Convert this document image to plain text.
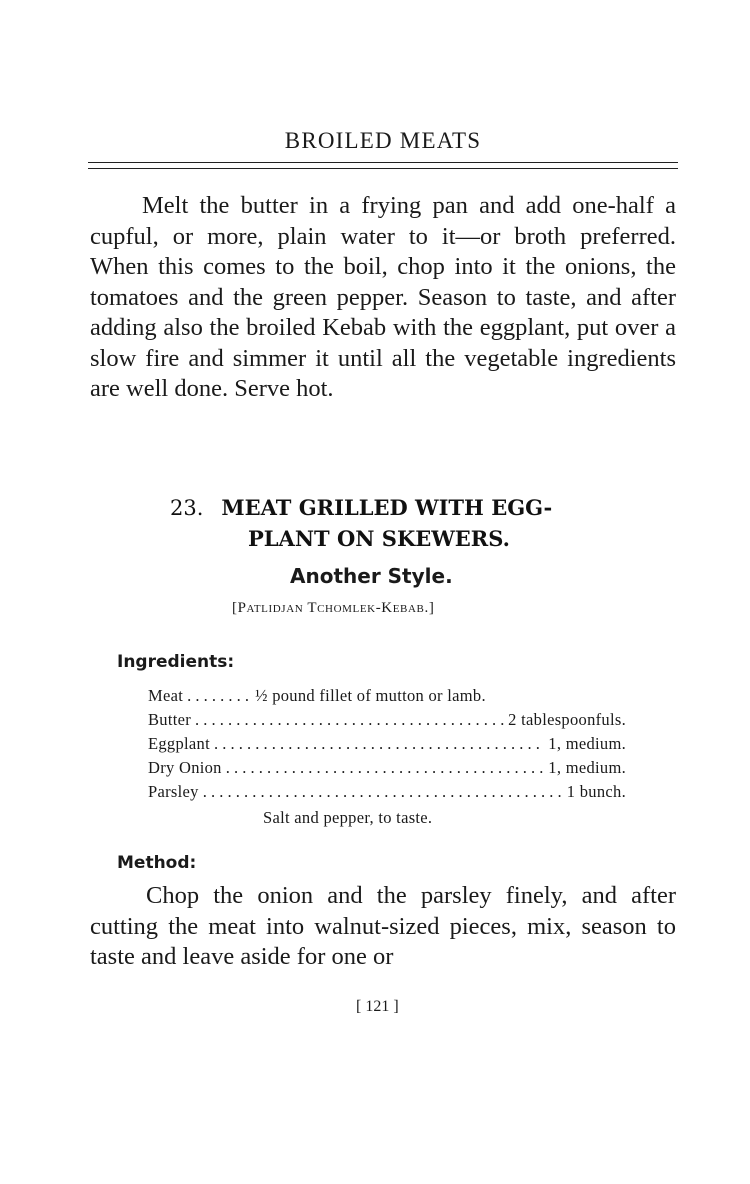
BROILED MEATS

Melt the butter in a frying pan and add one-half a cupful, or more, plain water to it—or broth preferred. When this comes to the boil, chop into it the onions, the tomatoes and the green pepper. Season to taste, and after adding also the broiled Kebab with the eggplant, put over a slow fire and simmer it until all the vegetable ingredients are well done. Serve hot.

23. MEAT GRILLED WITH EGG-
PLANT ON SKEWERS.
Another Style.
[Patlidjan Tchomlek-Kebab.]
Ingredients:
Meat . . .	½ pound fillet of mutton or lamb.
Butter . . .	2 tablespoonfuls.
Eggplant . . .	1, medium.
Dry Onion . . .	1, medium.
Parsley . . .	1 bunch.
Salt and pepper, to taste.
Method:

Chop the onion and the parsley finely, and after cutting the meat into walnut-sized pieces, mix, season to taste and leave aside for one or

[ 121 ]
